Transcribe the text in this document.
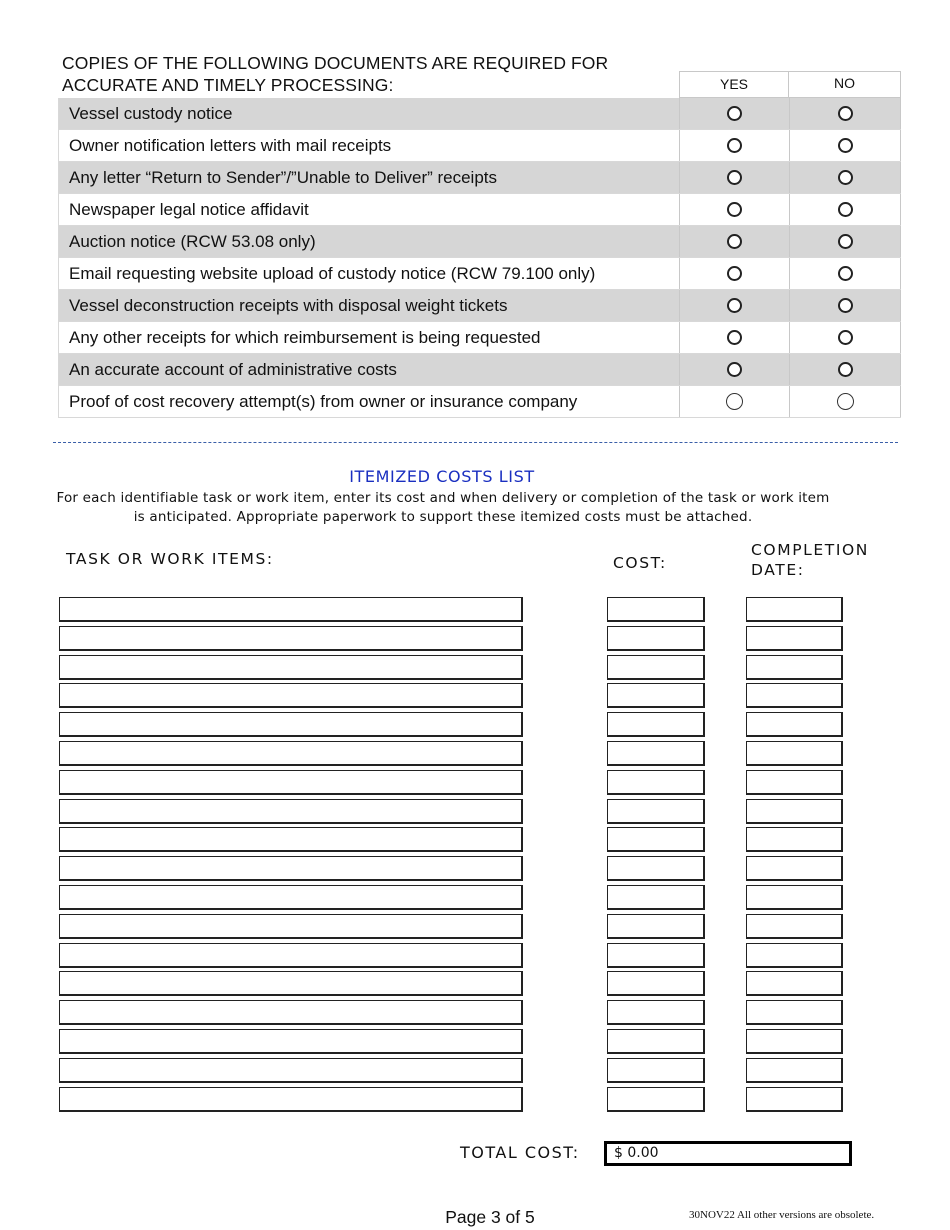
COPIES OF THE FOLLOWING DOCUMENTS ARE REQUIRED FOR
ACCURATE AND TIMELY PROCESSING:	YES	NO
Vessel custody notice
Owner notification letters with mail receipts
Any letter “Return to Sender”/”Unable to Deliver” receipts
Newspaper legal notice affidavit
Auction notice (RCW 53.08 only)
Email requesting website upload of custody notice (RCW 79.100 only)
Vessel deconstruction receipts with disposal weight tickets
Any other receipts for which reimbursement is being requested
An accurate account of administrative costs
Proof of cost recovery attempt(s) from owner or insurance company
ITEMIZED COSTS LIST
For each identifiable task or work item, enter its cost and when delivery or completion of the task or work item
is anticipated. Appropriate paperwork to support these itemized costs must be attached.
TASK OR WORK ITEMS:	COST:
COMPLETION
DATE:
TOTAL COST:	$ 0.00
Page 3 of 5	30NOV22 All other versions are obsolete.
